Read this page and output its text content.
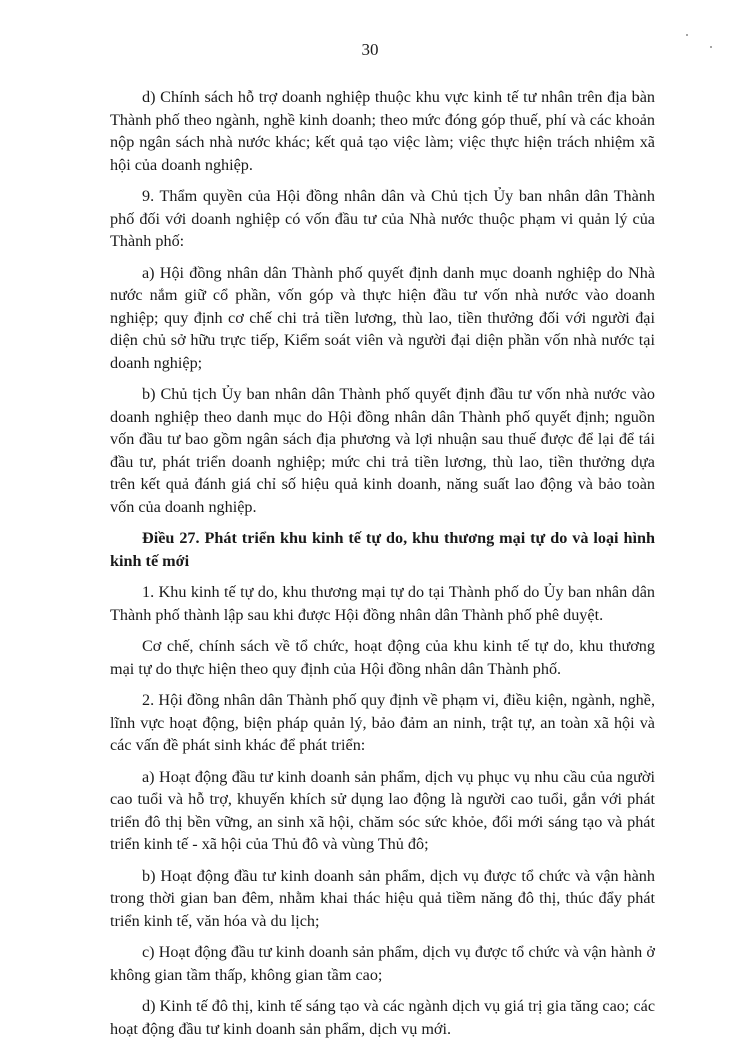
30

d) Chính sách hỗ trợ doanh nghiệp thuộc khu vực kinh tế tư nhân trên địa bàn Thành phố theo ngành, nghề kinh doanh; theo mức đóng góp thuế, phí và các khoản nộp ngân sách nhà nước khác; kết quả tạo việc làm; việc thực hiện trách nhiệm xã hội của doanh nghiệp.

9. Thẩm quyền của Hội đồng nhân dân và Chủ tịch Ủy ban nhân dân Thành phố đối với doanh nghiệp có vốn đầu tư của Nhà nước thuộc phạm vi quản lý của Thành phố:

a) Hội đồng nhân dân Thành phố quyết định danh mục doanh nghiệp do Nhà nước nắm giữ cổ phần, vốn góp và thực hiện đầu tư vốn nhà nước vào doanh nghiệp; quy định cơ chế chi trả tiền lương, thù lao, tiền thưởng đối với người đại diện chủ sở hữu trực tiếp, Kiểm soát viên và người đại diện phần vốn nhà nước tại doanh nghiệp;

b) Chủ tịch Ủy ban nhân dân Thành phố quyết định đầu tư vốn nhà nước vào doanh nghiệp theo danh mục do Hội đồng nhân dân Thành phố quyết định; nguồn vốn đầu tư bao gồm ngân sách địa phương và lợi nhuận sau thuế được để lại để tái đầu tư, phát triển doanh nghiệp; mức chi trả tiền lương, thù lao, tiền thưởng dựa trên kết quả đánh giá chỉ số hiệu quả kinh doanh, năng suất lao động và bảo toàn vốn của doanh nghiệp.

Điều 27. Phát triển khu kinh tế tự do, khu thương mại tự do và loại hình kinh tế mới

1. Khu kinh tế tự do, khu thương mại tự do tại Thành phố do Ủy ban nhân dân Thành phố thành lập sau khi được Hội đồng nhân dân Thành phố phê duyệt.

Cơ chế, chính sách về tổ chức, hoạt động của khu kinh tế tự do, khu thương mại tự do thực hiện theo quy định của Hội đồng nhân dân Thành phố.

2. Hội đồng nhân dân Thành phố quy định về phạm vi, điều kiện, ngành, nghề, lĩnh vực hoạt động, biện pháp quản lý, bảo đảm an ninh, trật tự, an toàn xã hội và các vấn đề phát sinh khác để phát triển:

a) Hoạt động đầu tư kinh doanh sản phẩm, dịch vụ phục vụ nhu cầu của người cao tuổi và hỗ trợ, khuyến khích sử dụng lao động là người cao tuổi, gắn với phát triển đô thị bền vững, an sinh xã hội, chăm sóc sức khỏe, đổi mới sáng tạo và phát triển kinh tế - xã hội của Thủ đô và vùng Thủ đô;

b) Hoạt động đầu tư kinh doanh sản phẩm, dịch vụ được tổ chức và vận hành trong thời gian ban đêm, nhằm khai thác hiệu quả tiềm năng đô thị, thúc đẩy phát triển kinh tế, văn hóa và du lịch;

c) Hoạt động đầu tư kinh doanh sản phẩm, dịch vụ được tổ chức và vận hành ở không gian tầm thấp, không gian tầm cao;

d) Kinh tế đô thị, kinh tế sáng tạo và các ngành dịch vụ giá trị gia tăng cao; các hoạt động đầu tư kinh doanh sản phẩm, dịch vụ mới.
